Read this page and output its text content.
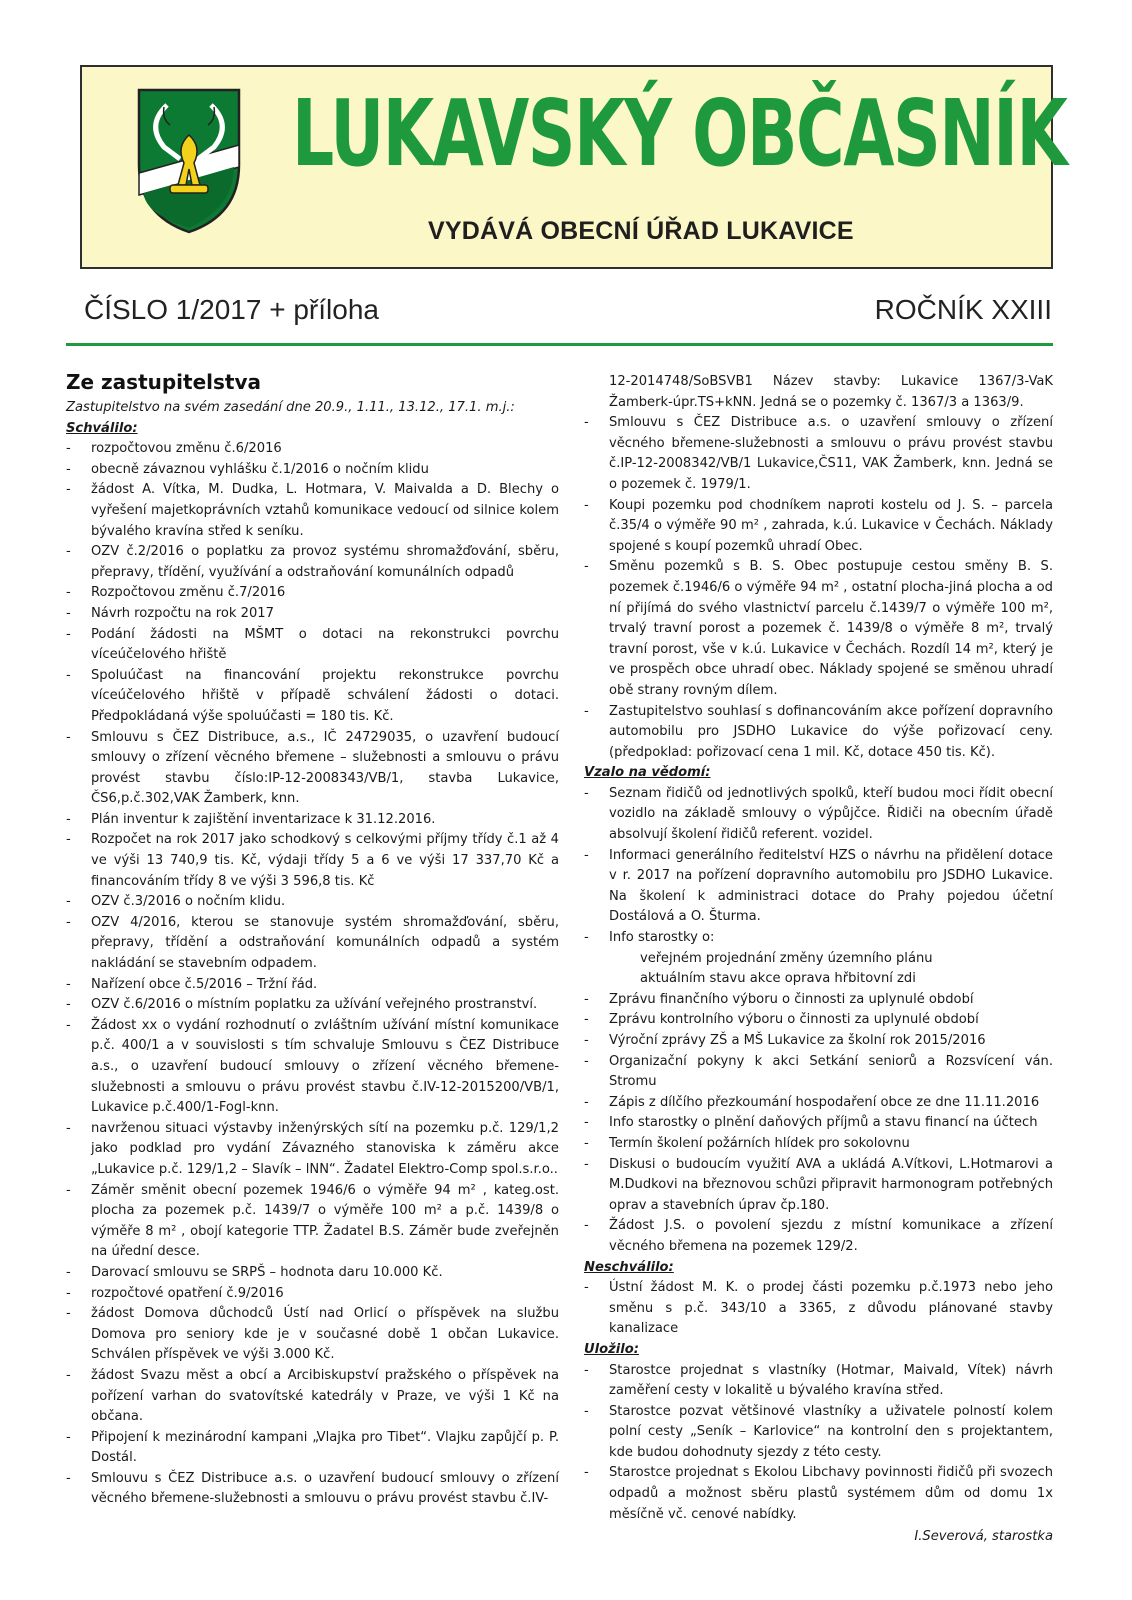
LUKAVSKÝ OBČASNÍK
VYDÁVÁ OBECNÍ ÚŘAD LUKAVICE
ČÍSLO 1/2017 + příloha	ROČNÍK XXIII
Ze zastupitelstva

Zastupitelstvo na svém zasedání dne 20.9., 1.11., 13.12., 17.1. m.j.:

Schválilo:

- rozpočtovou změnu č.6/2016
- obecně závaznou vyhlášku č.1/2016 o nočním klidu
- žádost A. Vítka, M. Dudka, L. Hotmara, V. Maivalda a D. Blechy o vyřešení majetkoprávních vztahů komunikace vedoucí od silnice kolem bývalého kravína střed k seníku.
- OZV č.2/2016 o poplatku za provoz systému shromažďování, sběru, přepravy, třídění, využívání a odstraňování komunálních odpadů
- Rozpočtovou změnu č.7/2016
- Návrh rozpočtu na rok 2017
- Podání žádosti na MŠMT o dotaci na rekonstrukci povrchu víceúčelového hřiště
- Spoluúčast na financování projektu rekonstrukce povrchu víceúčelového hřiště v případě schválení žádosti o dotaci. Předpokládaná výše spoluúčasti = 180 tis. Kč.
- Smlouvu s ČEZ Distribuce, a.s., IČ 24729035, o uzavření budoucí smlouvy o zřízení věcného břemene – služebnosti a smlouvu o právu provést stavbu číslo:IP-12-2008343/VB/1, stavba Lukavice, ČS6,p.č.302,VAK Žamberk, knn.
- Plán inventur k zajištění inventarizace k 31.12.2016.
- Rozpočet na rok 2017 jako schodkový s celkovými příjmy třídy č.1 až 4 ve výši 13 740,9 tis. Kč, výdaji třídy 5 a 6 ve výši 17 337,70 Kč a financováním třídy 8 ve výši 3 596,8 tis. Kč
- OZV č.3/2016 o nočním klidu.
- OZV 4/2016, kterou se stanovuje systém shromažďování, sběru, přepravy, třídění a odstraňování komunálních odpadů a systém nakládání se stavebním odpadem.
- Nařízení obce č.5/2016 – Tržní řád.
- OZV č.6/2016 o místním poplatku za užívání veřejného prostranství.
- Žádost xx o vydání rozhodnutí o zvláštním užívání místní komunikace p.č. 400/1 a v souvislosti s tím schvaluje Smlouvu s ČEZ Distribuce a.s., o uzavření budoucí smlouvy o zřízení věcného břemene- služebnosti a smlouvu o právu provést stavbu č.IV-12-2015200/VB/1, Lukavice p.č.400/1-Fogl-knn.
- navrženou situaci výstavby inženýrských sítí na pozemku p.č. 129/1,2 jako podklad pro vydání Závazného stanoviska k záměru akce „Lukavice p.č. 129/1,2 – Slavík – lNN“. Žadatel Elektro-Comp spol.s.r.o..
- Záměr směnit obecní pozemek 1946/6 o výměře 94 m² , kateg.ost. plocha za pozemek p.č. 1439/7 o výměře 100 m² a p.č. 1439/8 o výměře 8 m² , obojí kategorie TTP. Žadatel B.S. Záměr bude zveřejněn na úřední desce.
- Darovací smlouvu se SRPŠ – hodnota daru 10.000 Kč.
- rozpočtové opatření č.9/2016
- žádost Domova důchodců Ústí nad Orlicí o příspěvek na službu Domova pro seniory kde je v současné době 1 občan Lukavice. Schválen příspěvek ve výši 3.000 Kč.
- žádost Svazu měst a obcí a Arcibiskupství pražského o příspěvek na pořízení varhan do svatovítské katedrály v Praze, ve výši 1 Kč na občana.
- Připojení k mezinárodní kampani „Vlajka pro Tibet“. Vlajku zapůjčí p. P. Dostál.
- Smlouvu s ČEZ Distribuce a.s. o uzavření budoucí smlouvy o zřízení věcného břemene-služebnosti a smlouvu o právu provést stavbu č.IV-

12-2014748/SoBSVB1 Název stavby: Lukavice 1367/3-VaK Žamberk-úpr.TS+kNN. Jedná se o pozemky č. 1367/3 a 1363/9.

- Smlouvu s ČEZ Distribuce a.s. o uzavření smlouvy o zřízení věcného břemene-služebnosti a smlouvu o právu provést stavbu č.IP-12-2008342/VB/1 Lukavice,ČS11, VAK Žamberk, knn. Jedná se o pozemek č. 1979/1.
- Koupi pozemku pod chodníkem naproti kostelu od J. S. – parcela č.35/4 o výměře 90 m² , zahrada, k.ú. Lukavice v Čechách. Náklady spojené s koupí pozemků uhradí Obec.
- Směnu pozemků s B. S. Obec postupuje cestou směny B. S. pozemek č.1946/6 o výměře 94 m² , ostatní plocha-jiná plocha a od ní přijímá do svého vlastnictví parcelu č.1439/7 o výměře 100 m², trvalý travní porost a pozemek č. 1439/8 o výměře 8 m², trvalý travní porost, vše v k.ú. Lukavice v Čechách. Rozdíl 14 m², který je ve prospěch obce uhradí obec. Náklady spojené se směnou uhradí obě strany rovným dílem.
- Zastupitelstvo souhlasí s dofinancováním akce pořízení dopravního automobilu pro JSDHO Lukavice do výše pořizovací ceny. (předpoklad: pořizovací cena 1 mil. Kč, dotace 450 tis. Kč).

Vzalo na vědomí:

- Seznam řidičů od jednotlivých spolků, kteří budou moci řídit obecní vozidlo na základě smlouvy o výpůjčce. Řidiči na obecním úřadě absolvují školení řidičů referent. vozidel.
- Informaci generálního ředitelství HZS o návrhu na přidělení dotace v r. 2017 na pořízení dopravního automobilu pro JSDHO Lukavice. Na školení k administraci dotace do Prahy pojedou účetní Dostálová a O. Šturma.
- Info starostky o:
veřejném projednání změny územního plánu
aktuálním stavu akce oprava hřbitovní zdi
- Zprávu finančního výboru o činnosti za uplynulé období
- Zprávu kontrolního výboru o činnosti za uplynulé období
- Výroční zprávy ZŠ a MŠ Lukavice za školní rok 2015/2016
- Organizační pokyny k akci Setkání seniorů a Rozsvícení ván. Stromu
- Zápis z dílčího přezkoumání hospodaření obce ze dne 11.11.2016
- Info starostky o plnění daňových příjmů a stavu financí na účtech
- Termín školení požárních hlídek pro sokolovnu
- Diskusi o budoucím využití AVA a ukládá A.Vítkovi, L.Hotmarovi a M.Dudkovi na březnovou schůzi připravit harmonogram potřebných oprav a stavebních úprav čp.180.
- Žádost J.S. o povolení sjezdu z místní komunikace a zřízení věcného břemena na pozemek 129/2.

Neschválilo:

- Ústní žádost M. K. o prodej části pozemku p.č.1973 nebo jeho směnu s p.č. 343/10 a 3365, z důvodu plánované stavby kanalizace

Uložilo:

- Starostce projednat s vlastníky (Hotmar, Maivald, Vítek) návrh zaměření cesty v lokalitě u bývalého kravína střed.
- Starostce pozvat většinové vlastníky a uživatele polností kolem polní cesty „Seník – Karlovice“ na kontrolní den s projektantem, kde budou dohodnuty sjezdy z této cesty.
- Starostce projednat s Ekolou Libchavy povinnosti řidičů při svozech odpadů a možnost sběru plastů systémem dům od domu 1x měsíčně vč. cenové nabídky.
I.Severová, starostka
